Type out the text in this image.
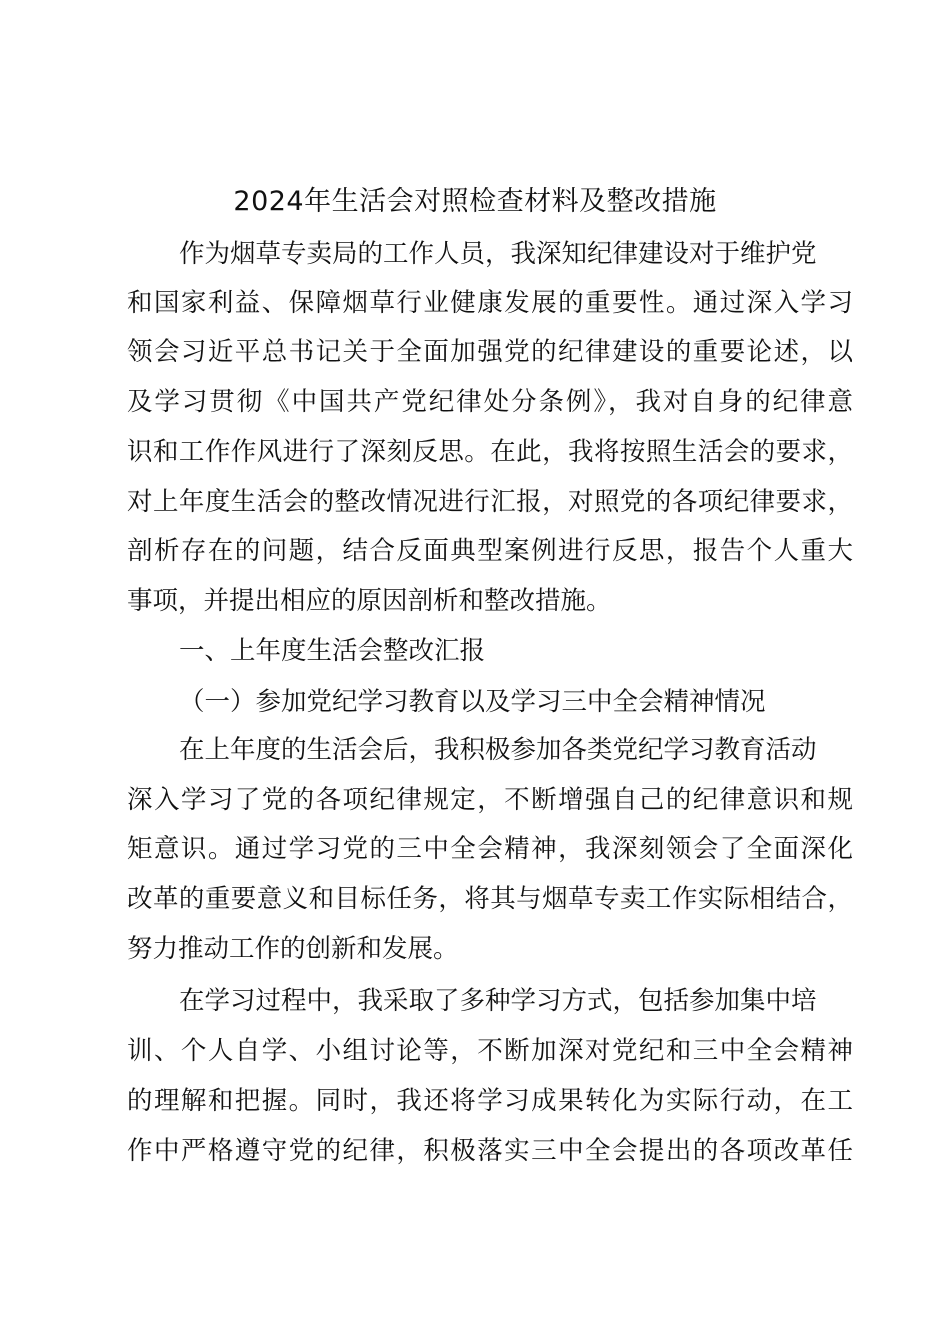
2024年生活会对照检查材料及整改措施
作为烟草专卖局的工作人员，我深知纪律建设对于维护党
和国家利益、保障烟草行业健康发展的重要性。通过深入学习
领会习近平总书记关于全面加强党的纪律建设的重要论述，以
及学习贯彻《中国共产党纪律处分条例》，我对自身的纪律意
识和工作作风进行了深刻反思。在此，我将按照生活会的要求，
对上年度生活会的整改情况进行汇报，对照党的各项纪律要求，
剖析存在的问题，结合反面典型案例进行反思，报告个人重大
事项，并提出相应的原因剖析和整改措施。
一、上年度生活会整改汇报
（一）参加党纪学习教育以及学习三中全会精神情况
在上年度的生活会后，我积极参加各类党纪学习教育活动
深入学习了党的各项纪律规定，不断增强自己的纪律意识和规
矩意识。通过学习党的三中全会精神，我深刻领会了全面深化
改革的重要意义和目标任务，将其与烟草专卖工作实际相结合，
努力推动工作的创新和发展。
在学习过程中，我采取了多种学习方式，包括参加集中培
训、个人自学、小组讨论等，不断加深对党纪和三中全会精神
的理解和把握。同时，我还将学习成果转化为实际行动，在工
作中严格遵守党的纪律，积极落实三中全会提出的各项改革任
